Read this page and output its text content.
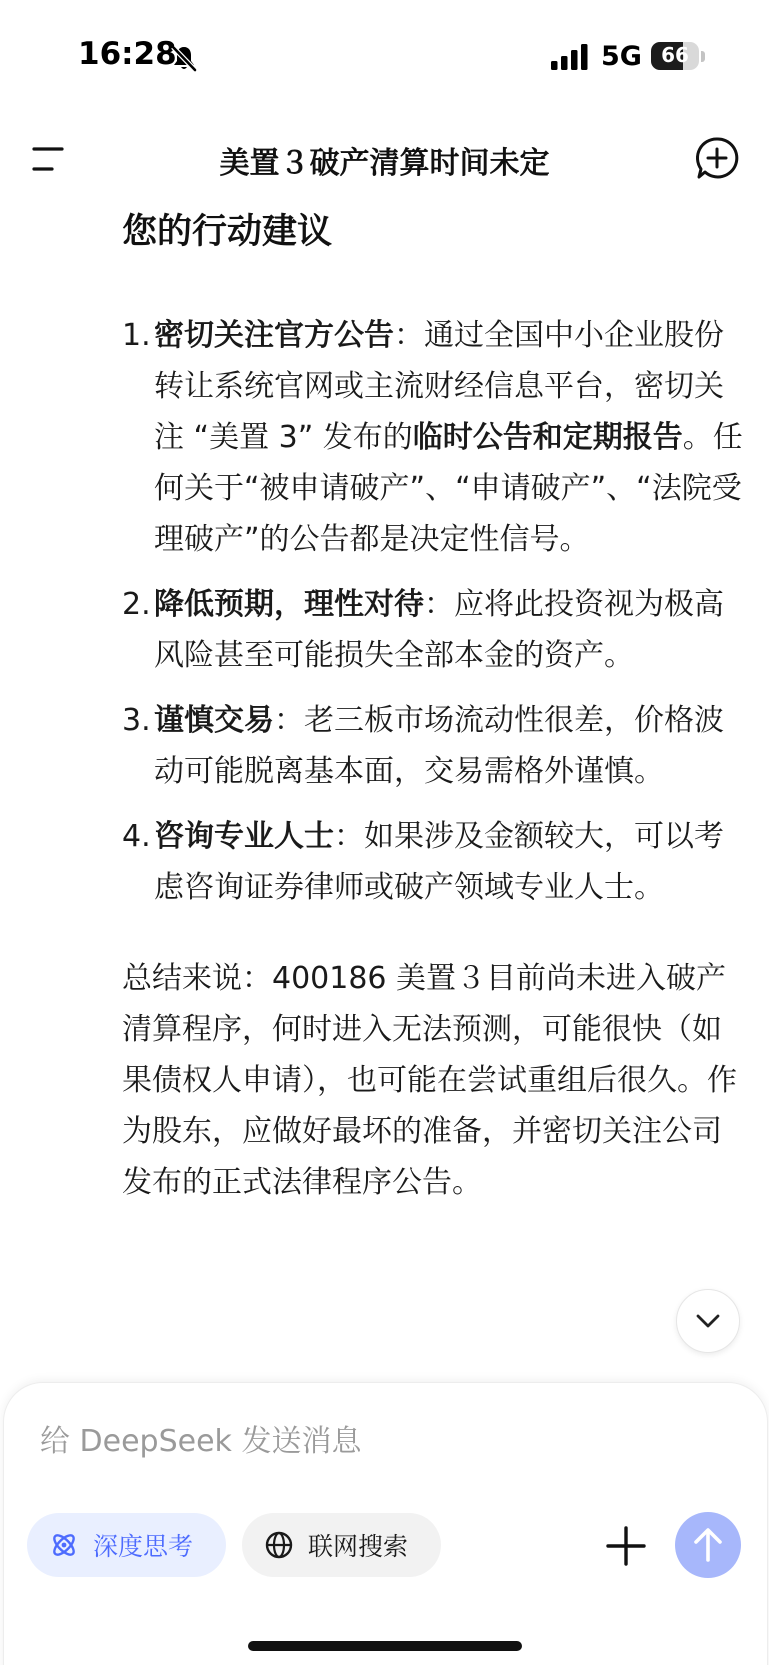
16:28	5G 66
美置３破产清算时间未定
您的行动建议
1. 密切关注官方公告：通过全国中小企业股份转让系统官网或主流财经信息平台，密切关注 “美置 3” 发布的临时公告和定期报告。任何关于“被申请破产”、“申请破产”、“法院受理破产”的公告都是决定性信号。
2. 降低预期，理性对待：应将此投资视为极高风险甚至可能损失全部本金的资产。
3. 谨慎交易：老三板市场流动性很差，价格波动可能脱离基本面，交易需格外谨慎。
4. 咨询专业人士：如果涉及金额较大，可以考虑咨询证券律师或破产领域专业人士。

总结来说：400186 美置３目前尚未进入破产清算程序，何时进入无法预测，可能很快（如果债权人申请），也可能在尝试重组后很久。作为股东，应做好最坏的准备，并密切关注公司发布的正式法律程序公告。

给 DeepSeek 发送消息
深度思考	联网搜索
